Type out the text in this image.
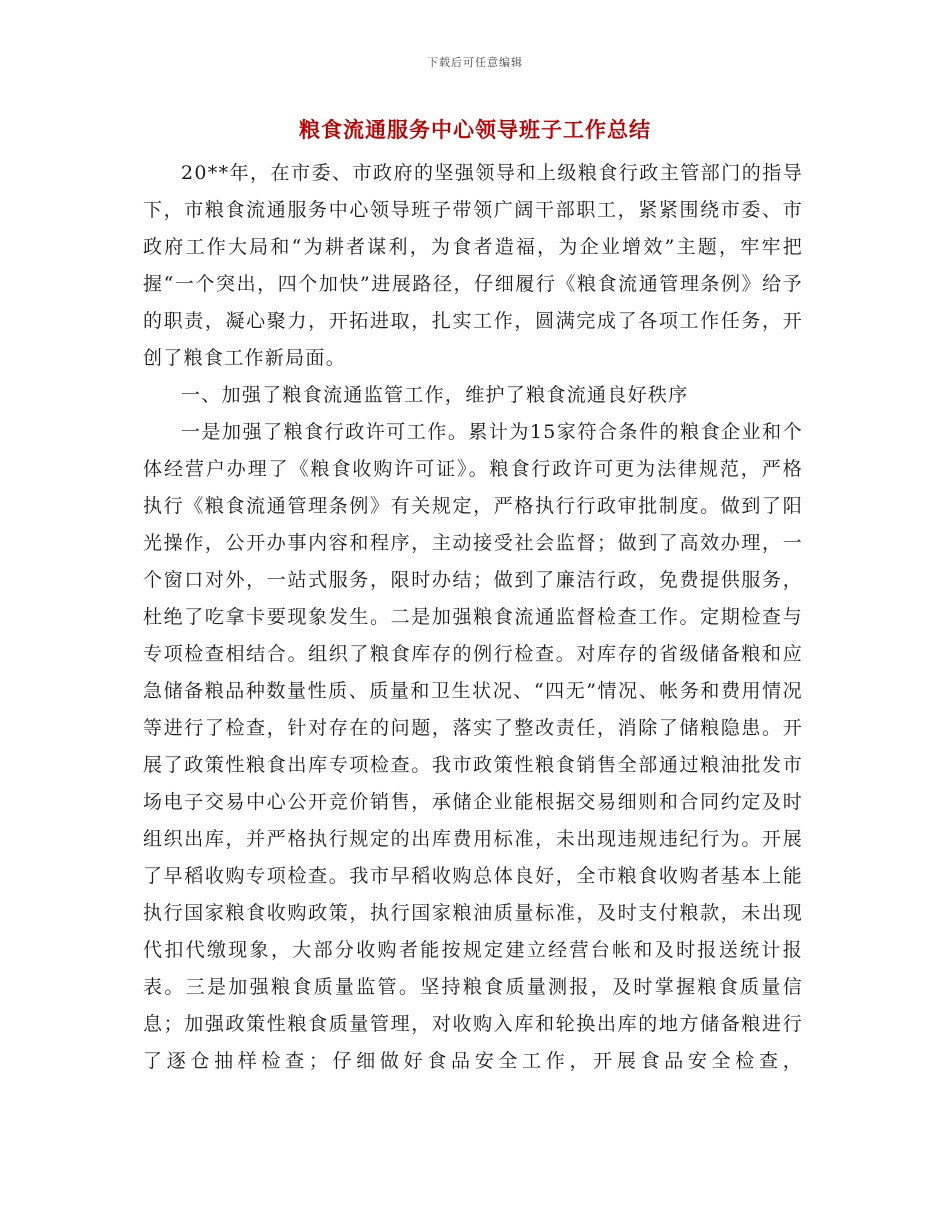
下载后可任意编辑
粮食流通服务中心领导班子工作总结

20**年，在市委、市政府的坚强领导和上级粮食行政主管部门的指导下，市粮食流通服务中心领导班子带领广阔干部职工，紧紧围绕市委、市政府工作大局和“为耕者谋利，为食者造福，为企业增效”主题，牢牢把握“一个突出，四个加快”进展路径，仔细履行《粮食流通管理条例》给予的职责，凝心聚力，开拓进取，扎实工作，圆满完成了各项工作任务，开创了粮食工作新局面。

一、加强了粮食流通监管工作，维护了粮食流通良好秩序

一是加强了粮食行政许可工作。累计为15家符合条件的粮食企业和个体经营户办理了《粮食收购许可证》。粮食行政许可更为法律规范，严格执行《粮食流通管理条例》有关规定，严格执行行政审批制度。做到了阳光操作，公开办事内容和程序，主动接受社会监督；做到了高效办理，一个窗口对外，一站式服务，限时办结；做到了廉洁行政，免费提供服务，杜绝了吃拿卡要现象发生。二是加强粮食流通监督检查工作。定期检查与专项检查相结合。组织了粮食库存的例行检查。对库存的省级储备粮和应急储备粮品种数量性质、质量和卫生状况、“四无”情况、帐务和费用情况等进行了检查，针对存在的问题，落实了整改责任，消除了储粮隐患。开展了政策性粮食出库专项检查。我市政策性粮食销售全部通过粮油批发市场电子交易中心公开竞价销售，承储企业能根据交易细则和合同约定及时组织出库，并严格执行规定的出库费用标准，未出现违规违纪行为。开展了早稻收购专项检查。我市早稻收购总体良好，全市粮食收购者基本上能执行国家粮食收购政策，执行国家粮油质量标准，及时支付粮款，未出现代扣代缴现象，大部分收购者能按规定建立经营台帐和及时报送统计报表。三是加强粮食质量监管。坚持粮食质量测报，及时掌握粮食质量信息；加强政策性粮食质量管理，对收购入库和轮换出库的地方储备粮进行了逐仓抽样检查；仔细做好食品安全工作，开展食品安全检查，
